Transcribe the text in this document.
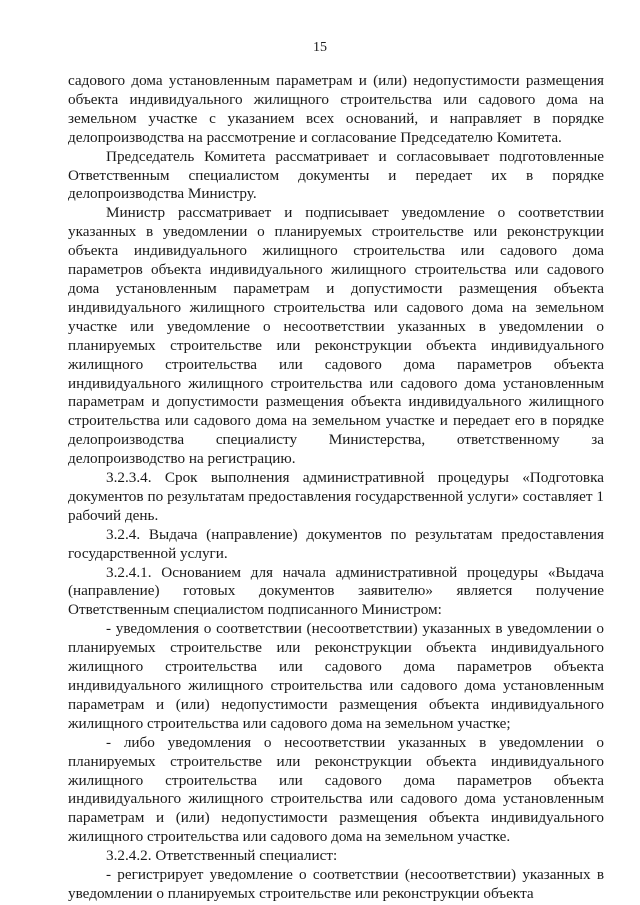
15

садового дома установленным параметрам и (или) недопустимости размещения объекта индивидуального жилищного строительства или садового дома на земельном участке с указанием всех оснований, и направляет в порядке делопроизводства на рассмотрение и согласование Председателю Комитета.

Председатель Комитета рассматривает и согласовывает подготовленные Ответственным специалистом документы и передает их в порядке делопроизводства Министру.

Министр рассматривает и подписывает уведомление о соответствии указанных в уведомлении о планируемых строительстве или реконструкции объекта индивидуального жилищного строительства или садового дома параметров объекта индивидуального жилищного строительства или садового дома установленным параметрам и допустимости размещения объекта индивидуального жилищного строительства или садового дома на земельном участке или уведомление о несоответствии указанных в уведомлении о планируемых строительстве или реконструкции объекта индивидуального жилищного строительства или садового дома параметров объекта индивидуального жилищного строительства или садового дома установленным параметрам и допустимости размещения объекта индивидуального жилищного строительства или садового дома на земельном участке и передает его в порядке делопроизводства специалисту Министерства, ответственному за делопроизводство на регистрацию.

3.2.3.4. Срок выполнения административной процедуры «Подготовка документов по результатам предоставления государственной услуги» составляет 1 рабочий день.

3.2.4. Выдача (направление) документов по результатам предоставления государственной услуги.

3.2.4.1. Основанием для начала административной процедуры «Выдача (направление) готовых документов заявителю» является получение Ответственным специалистом подписанного Министром:

- уведомления о соответствии (несоответствии) указанных в уведомлении о планируемых строительстве или реконструкции объекта индивидуального жилищного строительства или садового дома параметров объекта индивидуального жилищного строительства или садового дома установленным параметрам и (или) недопустимости размещения объекта индивидуального жилищного строительства или садового дома на земельном участке;

- либо уведомления о несоответствии указанных в уведомлении о планируемых строительстве или реконструкции объекта индивидуального жилищного строительства или садового дома параметров объекта индивидуального жилищного строительства или садового дома установленным параметрам и (или) недопустимости размещения объекта индивидуального жилищного строительства или садового дома на земельном участке.

3.2.4.2. Ответственный специалист:

- регистрирует уведомление о соответствии (несоответствии) указанных в уведомлении о планируемых строительстве или реконструкции объекта
